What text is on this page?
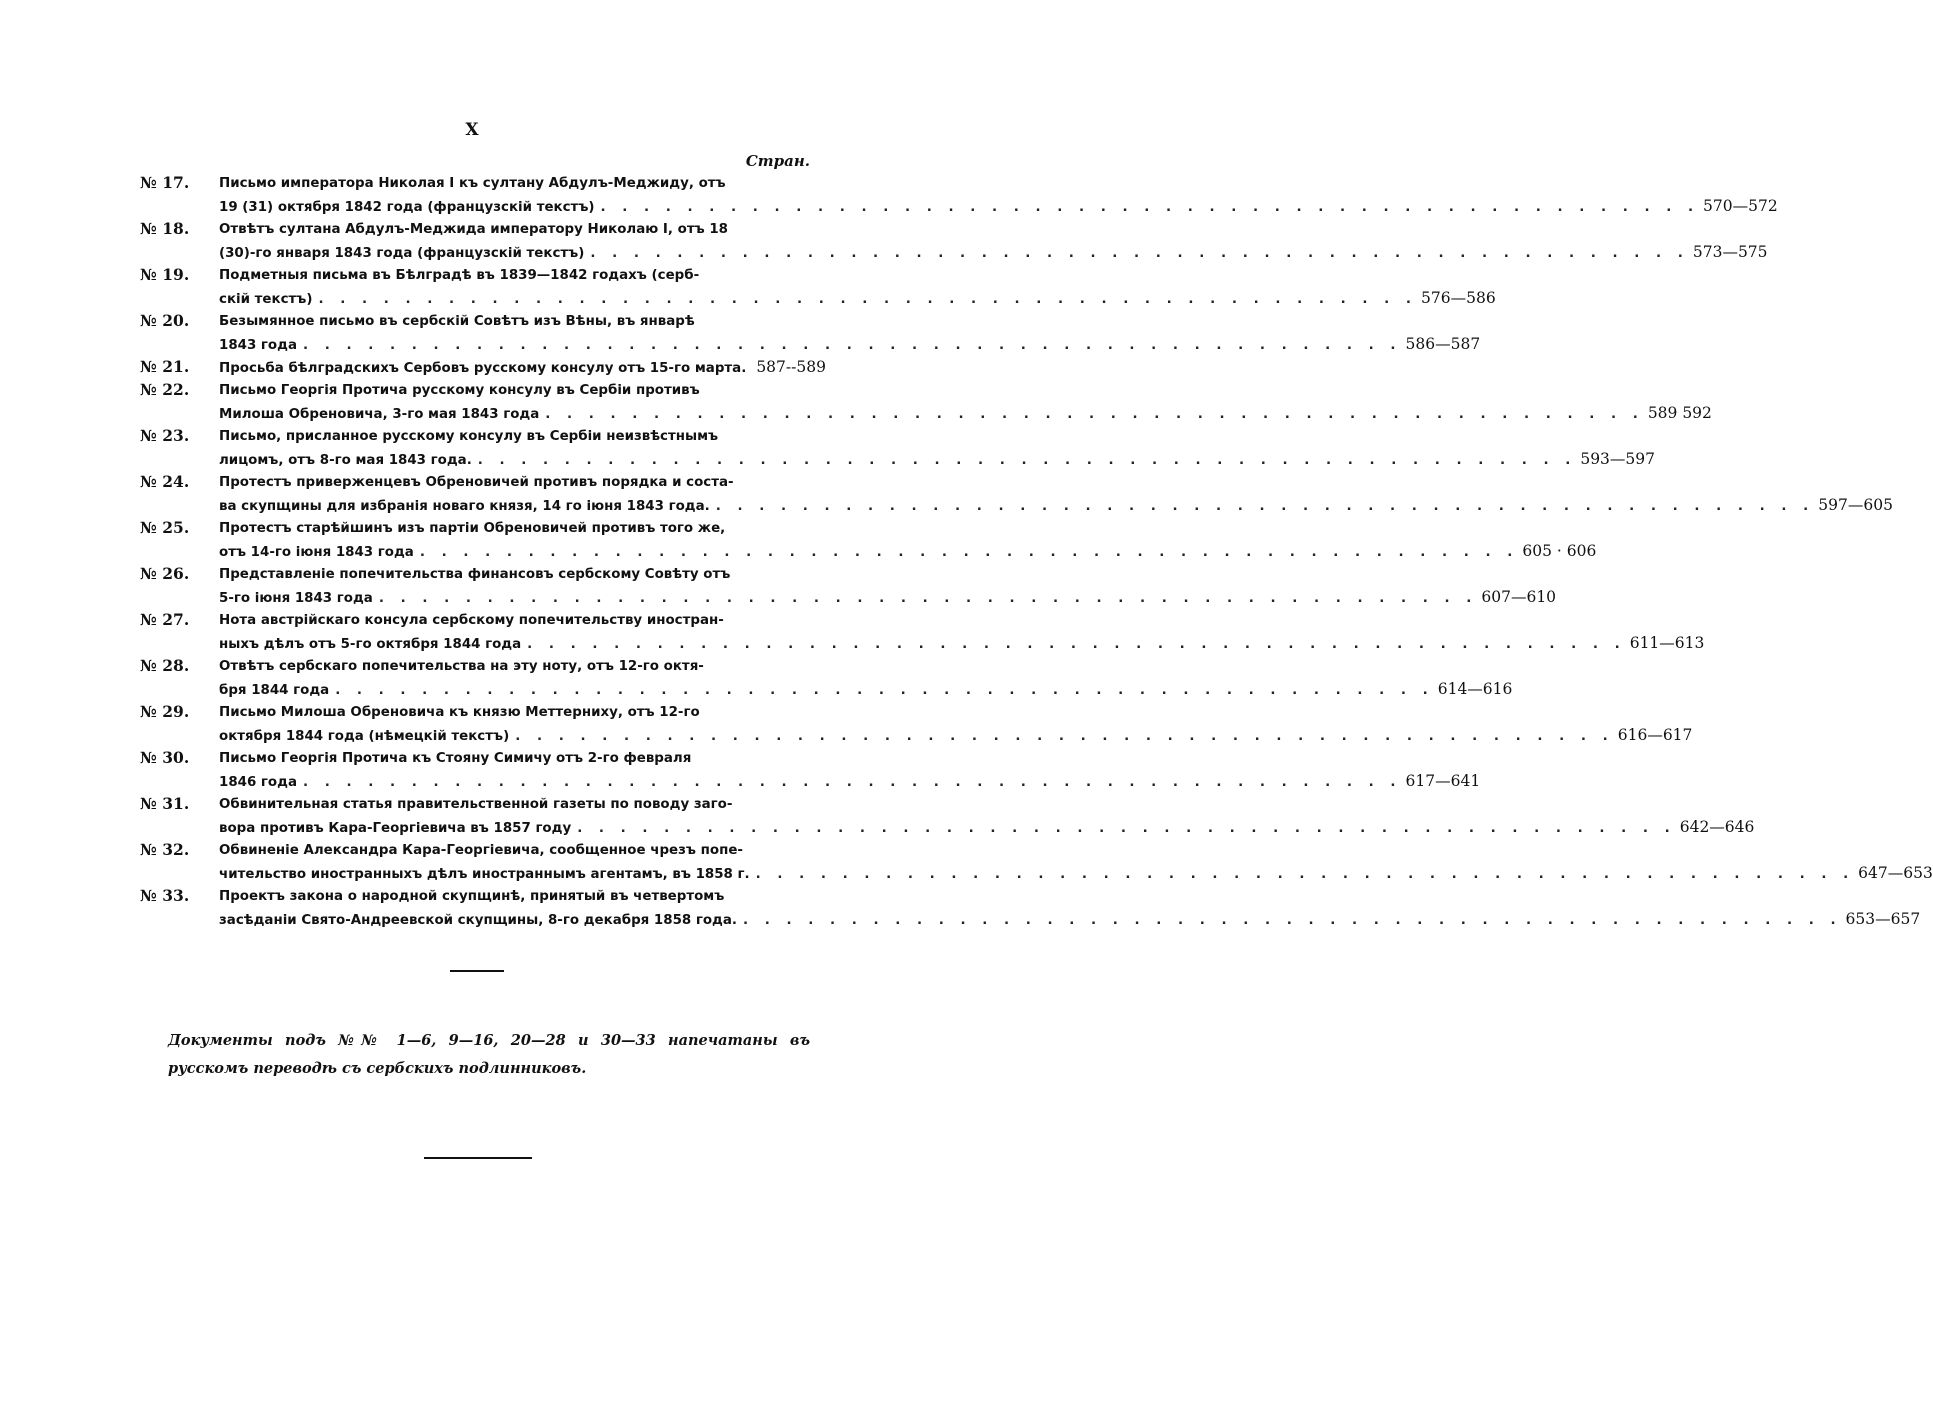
X
Стран.
№ 17.	Письмо императора Николая I къ султану Абдулъ-Меджиду, отъ
19 (31) октября 1842 года (французскій текстъ) . . . . . . . . . . . . . . . . . . . . . . . . . . . . . . . . . . . . . . . . . . . . . . . . . . . 570—572
№ 18.	Отвѣтъ султана Абдулъ-Меджида императору Николаю I, отъ 18
(30)-го января 1843 года (французскій текстъ) . . . . . . . . . . . . . . . . . . . . . . . . . . . . . . . . . . . . . . . . . . . . . . . . . . . 573—575
№ 19.	Подметныя письма въ Бѣлградѣ въ 1839—1842 годахъ (серб-
скій текстъ) . . . . . . . . . . . . . . . . . . . . . . . . . . . . . . . . . . . . . . . . . . . . . . . . . . . 576—586
№ 20.	Безымянное письмо въ сербскій Совѣтъ изъ Вѣны, въ январѣ
1843 года . . . . . . . . . . . . . . . . . . . . . . . . . . . . . . . . . . . . . . . . . . . . . . . . . . . 586—587
№ 21.	Просьба бѣлградскихъ Сербовъ русскому консулу отъ 15-го марта. 587--589
№ 22.	Письмо Георгія Протича русскому консулу въ Сербіи противъ
Милоша Обреновича, 3-го мая 1843 года . . . . . . . . . . . . . . . . . . . . . . . . . . . . . . . . . . . . . . . . . . . . . . . . . . . 589 592
№ 23.	Письмо, присланное русскому консулу въ Сербіи неизвѣстнымъ
лицомъ, отъ 8-го мая 1843 года. . . . . . . . . . . . . . . . . . . . . . . . . . . . . . . . . . . . . . . . . . . . . . . . . . . . 593—597
№ 24.	Протестъ приверженцевъ Обреновичей противъ порядка и соста-
ва скупщины для избранія новаго князя, 14 го іюня 1843 года. . . . . . . . . . . . . . . . . . . . . . . . . . . . . . . . . . . . . . . . . . . . . . . . . . . . 597—605
№ 25.	Протестъ старѣйшинъ изъ партіи Обреновичей противъ того же,
отъ 14-го іюня 1843 года . . . . . . . . . . . . . . . . . . . . . . . . . . . . . . . . . . . . . . . . . . . . . . . . . . . 605 · 606
№ 26.	Представленіе попечительства финансовъ сербскому Совѣту отъ
5-го іюня 1843 года . . . . . . . . . . . . . . . . . . . . . . . . . . . . . . . . . . . . . . . . . . . . . . . . . . . 607—610
№ 27.	Нота австрійскаго консула сербскому попечительству иностран-
ныхъ дѣлъ отъ 5-го октября 1844 года . . . . . . . . . . . . . . . . . . . . . . . . . . . . . . . . . . . . . . . . . . . . . . . . . . . 611—613
№ 28.	Отвѣтъ сербскаго попечительства на эту ноту, отъ 12-го октя-
бря 1844 года . . . . . . . . . . . . . . . . . . . . . . . . . . . . . . . . . . . . . . . . . . . . . . . . . . . 614—616
№ 29.	Письмо Милоша Обреновича къ князю Меттерниху, отъ 12-го
октября 1844 года (нѣмецкій текстъ) . . . . . . . . . . . . . . . . . . . . . . . . . . . . . . . . . . . . . . . . . . . . . . . . . . . 616—617
№ 30.	Письмо Георгія Протича къ Стояну Симичу отъ 2-го февраля
1846 года . . . . . . . . . . . . . . . . . . . . . . . . . . . . . . . . . . . . . . . . . . . . . . . . . . . 617—641
№ 31.	Обвинительная статья правительственной газеты по поводу заго-
вора противъ Кара-Георгіевича въ 1857 году . . . . . . . . . . . . . . . . . . . . . . . . . . . . . . . . . . . . . . . . . . . . . . . . . . . 642—646
№ 32.	Обвиненіе Александра Кара-Георгіевича, сообщенное чрезъ попе-
чительство иностранныхъ дѣлъ иностраннымъ агентамъ, въ 1858 г. . . . . . . . . . . . . . . . . . . . . . . . . . . . . . . . . . . . . . . . . . . . . . . . . . . . 647—653
№ 33.	Проектъ закона о народной скупщинѣ, принятый въ четвертомъ
засѣданіи Свято-Андреевской скупщины, 8-го декабря 1858 года. . . . . . . . . . . . . . . . . . . . . . . . . . . . . . . . . . . . . . . . . . . . . . . . . . . . 653—657
Документы подъ №№ 1—6, 9—16, 20—28 и 30—33 напечатаны въ русскомъ переводѣ съ сербскихъ подлинниковъ.
